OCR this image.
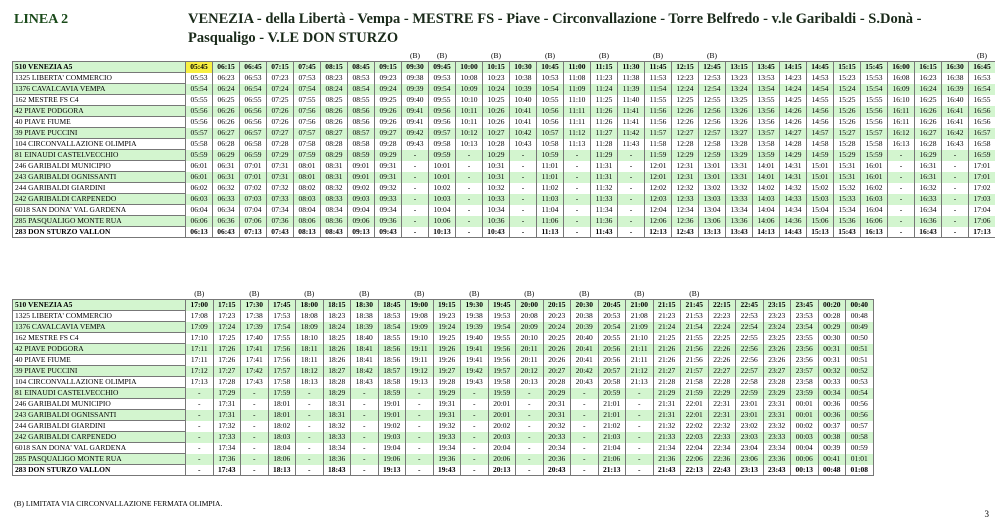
LINEA 2	VENEZIA - della Libertà - Vempa - MESTRE FS - Piave - Circonvallazione - Torre Belfredo - v.le Garibaldi - S.Donà - Pasqualigo - V.LE DON STURZO
FESTIVO									(B)	(B)		(B)		(B)		(B)		(B)		(B)										(B)
510 VENEZIA A5	05:45	06:15	06:45	07:15	07:45	08:15	08:45	09:15	09:30	09:45	10:00	10:15	10:30	10:45	11:00	11:15	11:30	11:45	12:15	12:45	13:15	13:45	14:15	14:45	15:15	15:45	16:00	16:15	16:30	16:45
1325 LIBERTA' COMMERCIO	05:53	06:23	06:53	07:23	07:53	08:23	08:53	09:23	09:38	09:53	10:08	10:23	10:38	10:53	11:08	11:23	11:38	11:53	12:23	12:53	13:23	13:53	14:23	14:53	15:23	15:53	16:08	16:23	16:38	16:53
1376 CAVALCAVIA VEMPA	05:54	06:24	06:54	07:24	07:54	08:24	08:54	09:24	09:39	09:54	10:09	10:24	10:39	10:54	11:09	11:24	11:39	11:54	12:24	12:54	13:24	13:54	14:24	14:54	15:24	15:54	16:09	16:24	16:39	16:54
162 MESTRE FS C4	05:55	06:25	06:55	07:25	07:55	08:25	08:55	09:25	09:40	09:55	10:10	10:25	10:40	10:55	11:10	11:25	11:40	11:55	12:25	12:55	13:25	13:55	14:25	14:55	15:25	15:55	16:10	16:25	16:40	16:55
42 PIAVE PODGORA	05:56	06:26	06:56	07:26	07:56	08:26	08:56	09:26	09:41	09:56	10:11	10:26	10:41	10:56	11:11	11:26	11:41	11:56	12:26	12:56	13:26	13:56	14:26	14:56	15:26	15:56	16:11	16:26	16:41	16:56
40 PIAVE FIUME	05:56	06:26	06:56	07:26	07:56	08:26	08:56	09:26	09:41	09:56	10:11	10:26	10:41	10:56	11:11	11:26	11:41	11:56	12:26	12:56	13:26	13:56	14:26	14:56	15:26	15:56	16:11	16:26	16:41	16:56
39 PIAVE PUCCINI	05:57	06:27	06:57	07:27	07:57	08:27	08:57	09:27	09:42	09:57	10:12	10:27	10:42	10:57	11:12	11:27	11:42	11:57	12:27	12:57	13:27	13:57	14:27	14:57	15:27	15:57	16:12	16:27	16:42	16:57
104 CIRCONVALLAZIONE OLIMPIA	05:58	06:28	06:58	07:28	07:58	08:28	08:58	09:28	09:43	09:58	10:13	10:28	10:43	10:58	11:13	11:28	11:43	11:58	12:28	12:58	13:28	13:58	14:28	14:58	15:28	15:58	16:13	16:28	16:43	16:58
81 EINAUDI CASTELVECCHIO	05:59	06:29	06:59	07:29	07:59	08:29	08:59	09:29	-	09:59	-	10:29	-	10:59	-	11:29	-	11:59	12:29	12:59	13:29	13:59	14:29	14:59	15:29	15:59	-	16:29	-	16:59
246 GARIBALDI MUNICIPIO	06:01	06:31	07:01	07:31	08:01	08:31	09:01	09:31	-	10:01	-	10:31	-	11:01	-	11:31	-	12:01	12:31	13:01	13:31	14:01	14:31	15:01	15:31	16:01	-	16:31	-	17:01
243 GARIBALDI OGNISSANTI	06:01	06:31	07:01	07:31	08:01	08:31	09:01	09:31	-	10:01	-	10:31	-	11:01	-	11:31	-	12:01	12:31	13:01	13:31	14:01	14:31	15:01	15:31	16:01	-	16:31	-	17:01
244 GARIBALDI GIARDINI	06:02	06:32	07:02	07:32	08:02	08:32	09:02	09:32	-	10:02	-	10:32	-	11:02	-	11:32	-	12:02	12:32	13:02	13:32	14:02	14:32	15:02	15:32	16:02	-	16:32	-	17:02
242 GARIBALDI CARPENEDO	06:03	06:33	07:03	07:33	08:03	08:33	09:03	09:33	-	10:03	-	10:33	-	11:03	-	11:33	-	12:03	12:33	13:03	13:33	14:03	14:33	15:03	15:33	16:03	-	16:33	-	17:03
6018 SAN DONA' VAL GARDENA	06:04	06:34	07:04	07:34	08:04	08:34	09:04	09:34	-	10:04	-	10:34	-	11:04	-	11:34	-	12:04	12:34	13:04	13:34	14:04	14:34	15:04	15:34	16:04	-	16:34	-	17:04
285 PASQUALIGO MONTE RUA	06:06	06:36	07:06	07:36	08:06	08:36	09:06	09:36	-	10:06	-	10:36	-	11:06	-	11:36	-	12:06	12:36	13:06	13:36	14:06	14:36	15:06	15:36	16:06	-	16:36	-	17:06
283 DON STURZO VALLON	06:13	06:43	07:13	07:43	08:13	08:43	09:13	09:43	-	10:13	-	10:43	-	11:13	-	11:43	-	12:13	12:43	13:13	13:43	14:13	14:43	15:13	15:43	16:13	-	16:43	-	17:13
FESTIVO	(B)		(B)		(B)		(B)		(B)		(B)		(B)		(B)		(B)		(B)						
510 VENEZIA A5	17:00	17:15	17:30	17:45	18:00	18:15	18:30	18:45	19:00	19:15	19:30	19:45	20:00	20:15	20:30	20:45	21:00	21:15	21:45	22:15	22:45	23:15	23:45	00:20	00:40
1325 LIBERTA' COMMERCIO	17:08	17:23	17:38	17:53	18:08	18:23	18:38	18:53	19:08	19:23	19:38	19:53	20:08	20:23	20:38	20:53	21:08	21:23	21:53	22:23	22:53	23:23	23:53	00:28	00:48
1376 CAVALCAVIA VEMPA	17:09	17:24	17:39	17:54	18:09	18:24	18:39	18:54	19:09	19:24	19:39	19:54	20:09	20:24	20:39	20:54	21:09	21:24	21:54	22:24	22:54	23:24	23:54	00:29	00:49
162 MESTRE FS C4	17:10	17:25	17:40	17:55	18:10	18:25	18:40	18:55	19:10	19:25	19:40	19:55	20:10	20:25	20:40	20:55	21:10	21:25	21:55	22:25	22:55	23:25	23:55	00:30	00:50
42 PIAVE PODGORA	17:11	17:26	17:41	17:56	18:11	18:26	18:41	18:56	19:11	19:26	19:41	19:56	20:11	20:26	20:41	20:56	21:11	21:26	21:56	22:26	22:56	23:26	23:56	00:31	00:51
40 PIAVE FIUME	17:11	17:26	17:41	17:56	18:11	18:26	18:41	18:56	19:11	19:26	19:41	19:56	20:11	20:26	20:41	20:56	21:11	21:26	21:56	22:26	22:56	23:26	23:56	00:31	00:51
39 PIAVE PUCCINI	17:12	17:27	17:42	17:57	18:12	18:27	18:42	18:57	19:12	19:27	19:42	19:57	20:12	20:27	20:42	20:57	21:12	21:27	21:57	22:27	22:57	23:27	23:57	00:32	00:52
104 CIRCONVALLAZIONE OLIMPIA	17:13	17:28	17:43	17:58	18:13	18:28	18:43	18:58	19:13	19:28	19:43	19:58	20:13	20:28	20:43	20:58	21:13	21:28	21:58	22:28	22:58	23:28	23:58	00:33	00:53
81 EINAUDI CASTELVECCHIO	-	17:29	-	17:59	-	18:29	-	18:59	-	19:29	-	19:59	-	20:29	-	20:59	-	21:29	21:59	22:29	22:59	23:29	23:59	00:34	00:54
246 GARIBALDI MUNICIPIO	-	17:31	-	18:01	-	18:31	-	19:01	-	19:31	-	20:01	-	20:31	-	21:01	-	21:31	22:01	22:31	23:01	23:31	00:01	00:36	00:56
243 GARIBALDI OGNISSANTI	-	17:31	-	18:01	-	18:31	-	19:01	-	19:31	-	20:01	-	20:31	-	21:01	-	21:31	22:01	22:31	23:01	23:31	00:01	00:36	00:56
244 GARIBALDI GIARDINI	-	17:32	-	18:02	-	18:32	-	19:02	-	19:32	-	20:02	-	20:32	-	21:02	-	21:32	22:02	22:32	23:02	23:32	00:02	00:37	00:57
242 GARIBALDI CARPENEDO	-	17:33	-	18:03	-	18:33	-	19:03	-	19:33	-	20:03	-	20:33	-	21:03	-	21:33	22:03	22:33	23:03	23:33	00:03	00:38	00:58
6018 SAN DONA' VAL GARDENA	-	17:34	-	18:04	-	18:34	-	19:04	-	19:34	-	20:04	-	20:34	-	21:04	-	21:34	22:04	22:34	23:04	23:34	00:04	00:39	00:59
285 PASQUALIGO MONTE RUA	-	17:36	-	18:06	-	18:36	-	19:06	-	19:36	-	20:06	-	20:36	-	21:06	-	21:36	22:06	22:36	23:06	23:36	00:06	00:41	01:01
283 DON STURZO VALLON	-	17:43	-	18:13	-	18:43	-	19:13	-	19:43	-	20:13	-	20:43	-	21:13	-	21:43	22:13	22:43	23:13	23:43	00:13	00:48	01:08
(B) LIMITATA VIA CIRCONVALLAZIONE FERMATA OLIMPIA.
3
